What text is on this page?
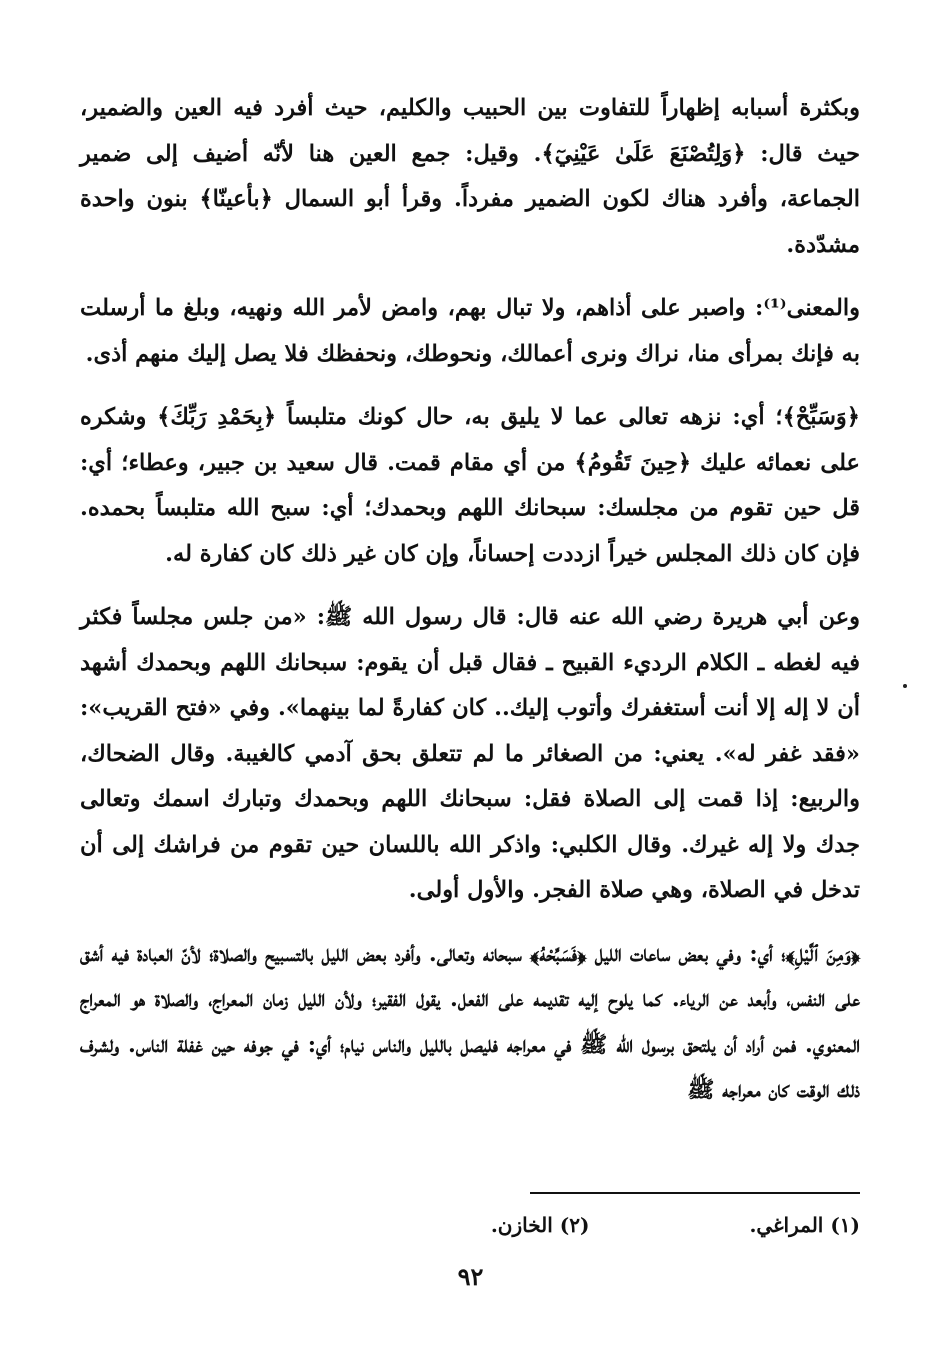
وبكثرة أسبابه إظهاراً للتفاوت بين الحبيب والكليم، حيث أفرد فيه العين والضمير، حيث قال: ﴿وَلِتُصْنَعَ عَلَىٰ عَيْنِيٓ﴾. وقيل: جمع العين هنا لأنّه أضيف إلى ضمير الجماعة، وأفرد هناك لكون الضمير مفرداً. وقرأ أبو السمال ﴿بأعينّا﴾ بنون واحدة مشدّدة.

والمعنى⁽¹⁾: واصبر على أذاهم، ولا تبال بهم، وامض لأمر الله ونهيه، وبلغ ما أرسلت به فإنك بمرأى منا، نراك ونرى أعمالك، ونحوطك، ونحفظك فلا يصل إليك منهم أذى.

﴿وَسَبِّحْ﴾؛ أي: نزهه تعالى عما لا يليق به، حال كونك متلبساً ﴿بِحَمْدِ رَبِّكَ﴾ وشكره على نعمائه عليك ﴿حِينَ تَقُومُ﴾ من أي مقام قمت. قال سعيد بن جبير، وعطاء؛ أي: قل حين تقوم من مجلسك: سبحانك اللهم وبحمدك؛ أي: سبح الله متلبساً بحمده. فإن كان ذلك المجلس خيراً ازددت إحساناً، وإن كان غير ذلك كان كفارة له.

وعن أبي هريرة رضي الله عنه قال: قال رسول الله ﷺ: «من جلس مجلساً فكثر فيه لغطه ـ الكلام الرديء القبيح ـ فقال قبل أن يقوم: سبحانك اللهم وبحمدك أشهد أن لا إله إلا أنت أستغفرك وأتوب إليك.. كان كفارةً لما بينهما». وفي «فتح القريب»: «فقد غفر له». يعني: من الصغائر ما لم تتعلق بحق آدمي كالغيبة. وقال الضحاك، والربيع: إذا قمت إلى الصلاة فقل: سبحانك اللهم وبحمدك وتبارك اسمك وتعالى جدك ولا إله غيرك. وقال الكلبي: واذكر الله باللسان حين تقوم من فراشك إلى أن تدخل في الصلاة، وهي صلاة الفجر. والأول أولى.

﴿وَمِنَ ٱلَّيْلِ﴾؛ أي: وفي بعض ساعات الليل ﴿فَسَبِّحْهُ﴾ سبحانه وتعالى. وأفرد بعض الليل بالتسبيح والصلاة؛ لأنّ العبادة فيه أشق على النفس، وأبعد عن الرياء. كما يلوح إليه تقديمه على الفعل. يقول الفقير؛ ولأن الليل زمان المعراج، والصلاة هو المعراج المعنوي. فمن أراد أن يلتحق برسول الله ﷺ في معراجه فليصل بالليل والناس نيام؛ أي: في جوفه حين غفلة الناس. ولشرف ذلك الوقت كان معراجه ﷺ

(١) المراغي.
(٢) الخازن.
٩٢
